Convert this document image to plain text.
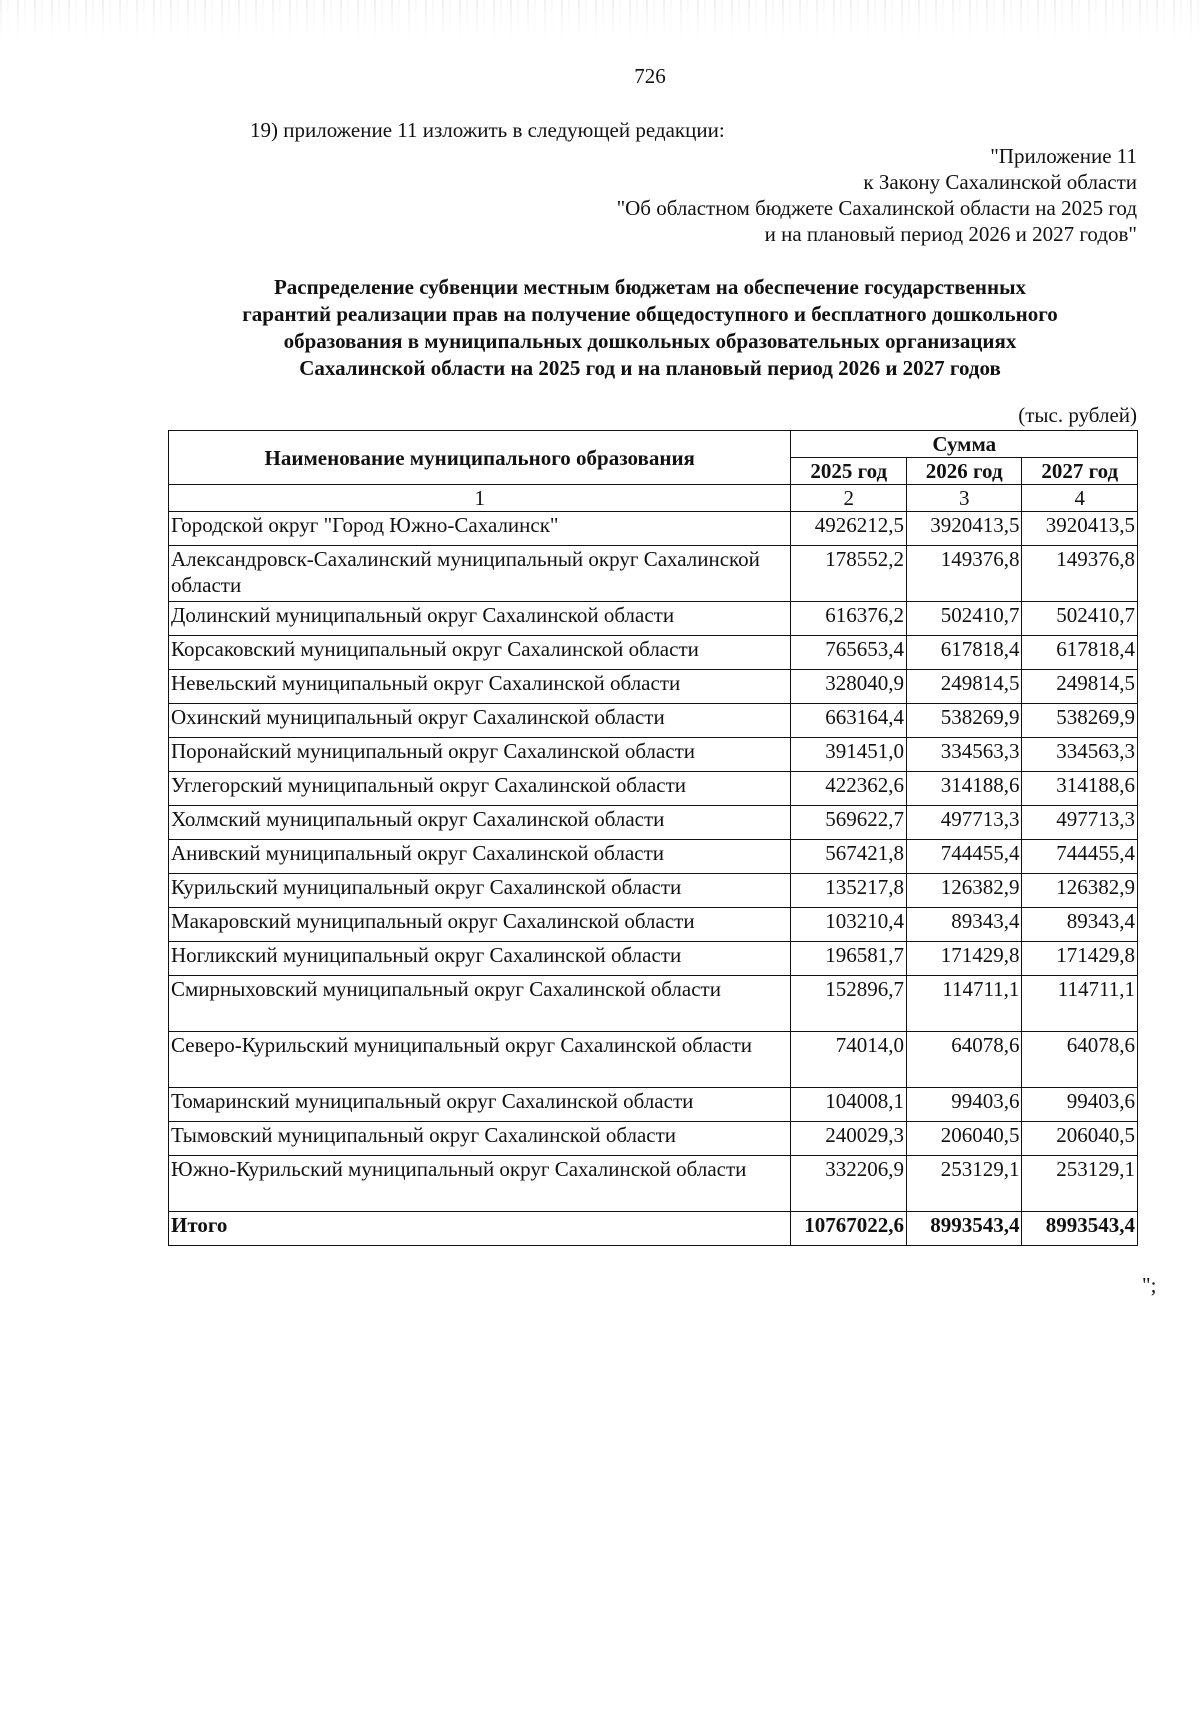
726
19) приложение 11 изложить в следующей редакции:
"Приложение 11
к Закону Сахалинской области
"Об областном бюджете Сахалинской области на 2025 год
и на плановый период 2026 и 2027 годов"
Распределение субвенции местным бюджетам на обеспечение государственных
гарантий реализации прав на получение общедоступного и бесплатного дошкольного
образования в муниципальных дошкольных образовательных организациях
Сахалинской области на 2025 год и на плановый период 2026 и 2027 годов
(тыс. рублей)
Наименование муниципального образования	Сумма		
	2025 год	2026 год	2027 год
1	2	3	4
Городской округ "Город Южно-Сахалинск"	4926212,5	3920413,5	3920413,5
Александровск-Сахалинский муниципальный округ Сахалинской области	178552,2	149376,8	149376,8
Долинский муниципальный округ Сахалинской области	616376,2	502410,7	502410,7
Корсаковский муниципальный округ Сахалинской области	765653,4	617818,4	617818,4
Невельский муниципальный округ Сахалинской области	328040,9	249814,5	249814,5
Охинский муниципальный округ Сахалинской области	663164,4	538269,9	538269,9
Поронайский муниципальный округ Сахалинской области	391451,0	334563,3	334563,3
Углегорский муниципальный округ Сахалинской области	422362,6	314188,6	314188,6
Холмский муниципальный округ Сахалинской области	569622,7	497713,3	497713,3
Анивский муниципальный округ Сахалинской области	567421,8	744455,4	744455,4
Курильский муниципальный округ Сахалинской области	135217,8	126382,9	126382,9
Макаровский муниципальный округ Сахалинской области	103210,4	89343,4	89343,4
Ногликский муниципальный округ Сахалинской области	196581,7	171429,8	171429,8
Смирныховский муниципальный округ Сахалинской области	152896,7	114711,1	114711,1
Северо-Курильский муниципальный округ Сахалинской области	74014,0	64078,6	64078,6
Томаринский муниципальный округ Сахалинской области	104008,1	99403,6	99403,6
Тымовский муниципальный округ Сахалинской области	240029,3	206040,5	206040,5
Южно-Курильский муниципальный округ Сахалинской области	332206,9	253129,1	253129,1
Итого	10767022,6	8993543,4	8993543,4
";
